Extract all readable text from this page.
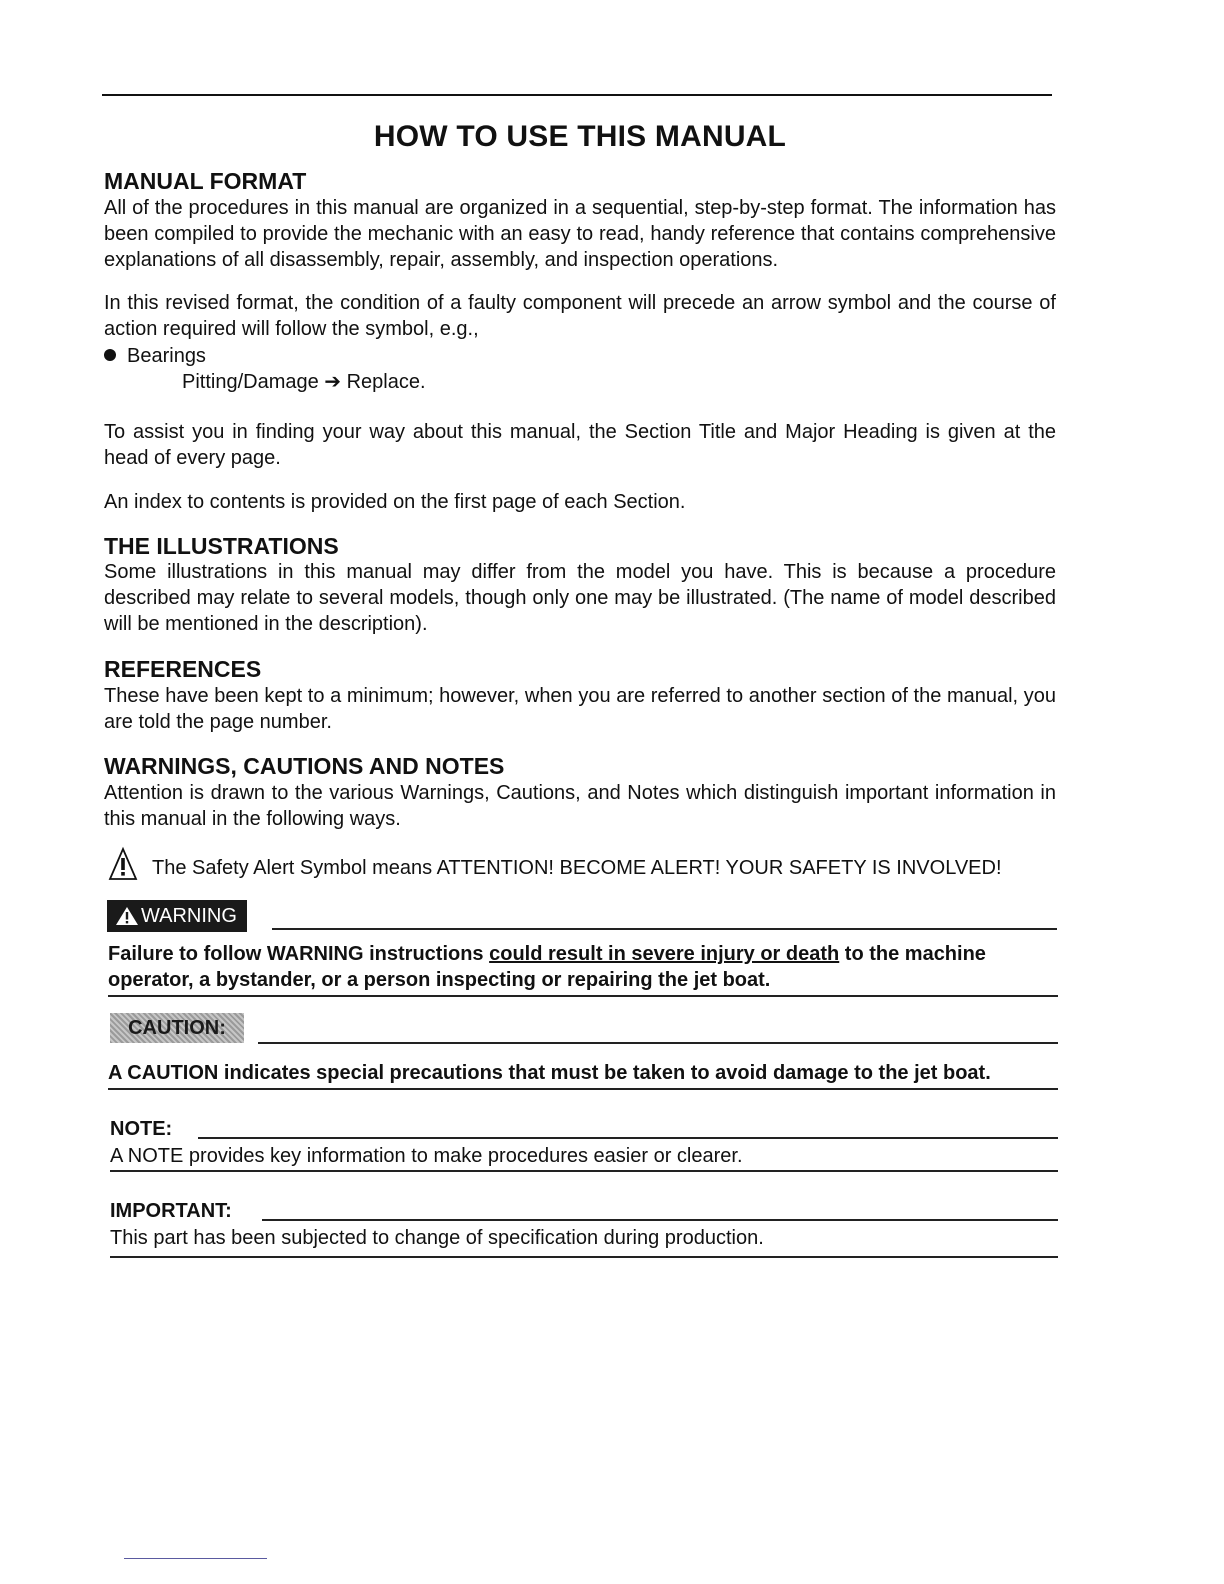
HOW TO USE THIS MANUAL
MANUAL FORMAT
All of the procedures in this manual are organized in a sequential, step-by-step format. The information has been compiled to provide the mechanic with an easy to read, handy reference that contains comprehensive explanations of all disassembly, repair, assembly, and inspection operations.
In this revised format, the condition of a faulty component will precede an arrow symbol and the course of action required will follow the symbol, e.g.,
Bearings
Pitting/Damage ➔ Replace.
To assist you in finding your way about this manual, the Section Title and Major Heading is given at the head of every page.
An index to contents is provided on the first page of each Section.
THE ILLUSTRATIONS
Some illustrations in this manual may differ from the model you have. This is because a procedure described may relate to several models, though only one may be illustrated. (The name of model described will be mentioned in the description).
REFERENCES
These have been kept to a minimum; however, when you are referred to another section of the manual, you are told the page number.
WARNINGS, CAUTIONS AND NOTES
Attention is drawn to the various Warnings, Cautions, and Notes which distinguish important information in this manual in the following ways.
The Safety Alert Symbol means ATTENTION! BECOME ALERT! YOUR SAFETY IS INVOLVED!
WARNING
Failure to follow WARNING instructions could result in severe injury or death to the machine operator, a bystander, or a person inspecting or repairing the jet boat.
CAUTION:
A CAUTION indicates special precautions that must be taken to avoid damage to the jet boat.
NOTE:
A NOTE provides key information to make procedures easier or clearer.
IMPORTANT:
This part has been subjected to change of specification during production.
